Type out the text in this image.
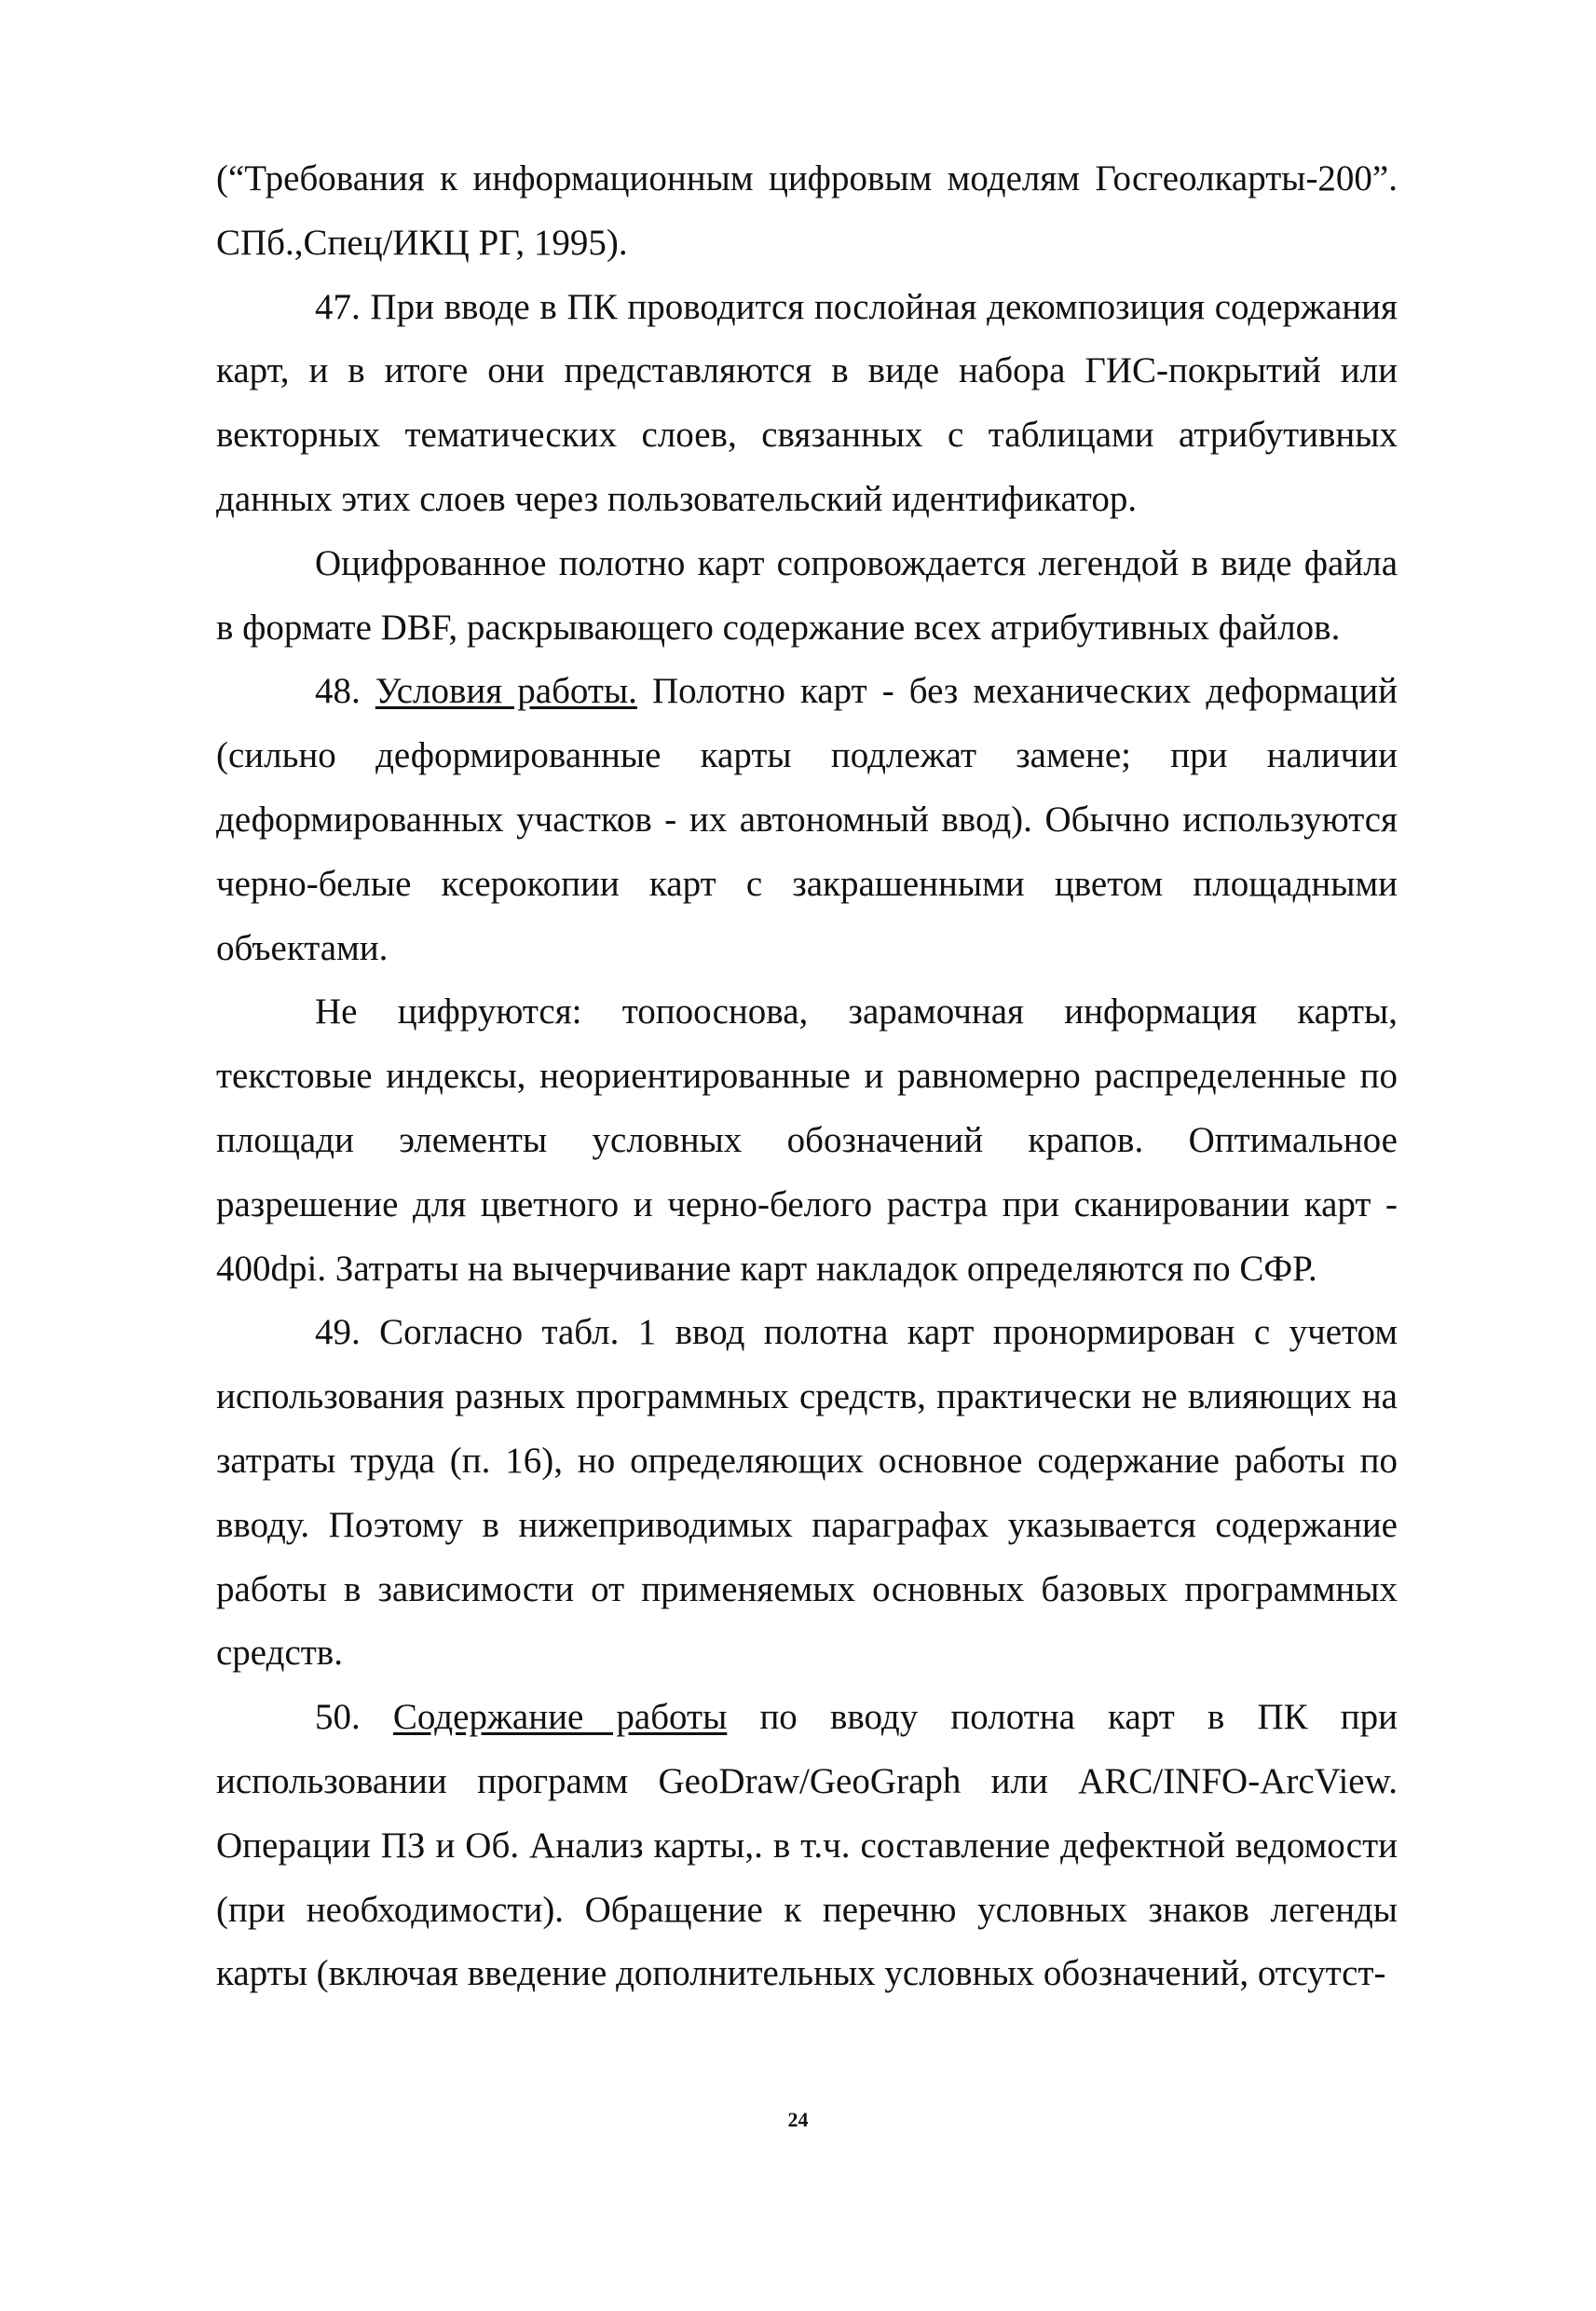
(“Требования к информационным цифровым моделям Госгеолкарты-200”. СПб.,Спец/ИКЦ РГ, 1995).

47. При вводе в ПК проводится послойная декомпозиция содержания карт, и в итоге они представляются в виде набора ГИС-покрытий или векторных тематических слоев, связанных с таблицами атрибутивных данных этих слоев через пользовательский идентификатор.

Оцифрованное полотно карт сопровождается легендой в виде файла в формате DBF, раскрывающего содержание всех атрибутивных файлов.

48. Условия работы. Полотно карт - без механических деформаций (сильно деформированные карты подлежат замене; при наличии деформированных участков - их автономный ввод). Обычно используются черно-белые ксерокопии карт с закрашенными цветом площадными объектами.

Не цифруются: топооснова, зарамочная информация карты, текстовые индексы, неориентированные и равномерно распределенные по площади элементы условных обозначений крапов. Оптимальное разрешение для цветного и черно-белого растра при сканировании карт - 400dpi. Затраты на вычерчивание карт накладок определяются по СФР.

49. Согласно табл. 1 ввод полотна карт пронормирован с учетом использования разных программных средств, практически не влияющих на затраты труда (п. 16), но определяющих основное содержание работы по вводу. Поэтому в нижеприводимых параграфах указывается содержание работы в зависимости от применяемых основных базовых программных средств.

50. Содержание работы по вводу полотна карт в ПК при использовании программ GeoDraw/GeoGraph или ARC/INFO-ArcView. Операции ПЗ и Об. Анализ карты,. в т.ч. составление дефектной ведомости (при необходимости). Обращение к перечню условных знаков легенды карты (включая введение дополнительных условных обозначений, отсутст-

24
